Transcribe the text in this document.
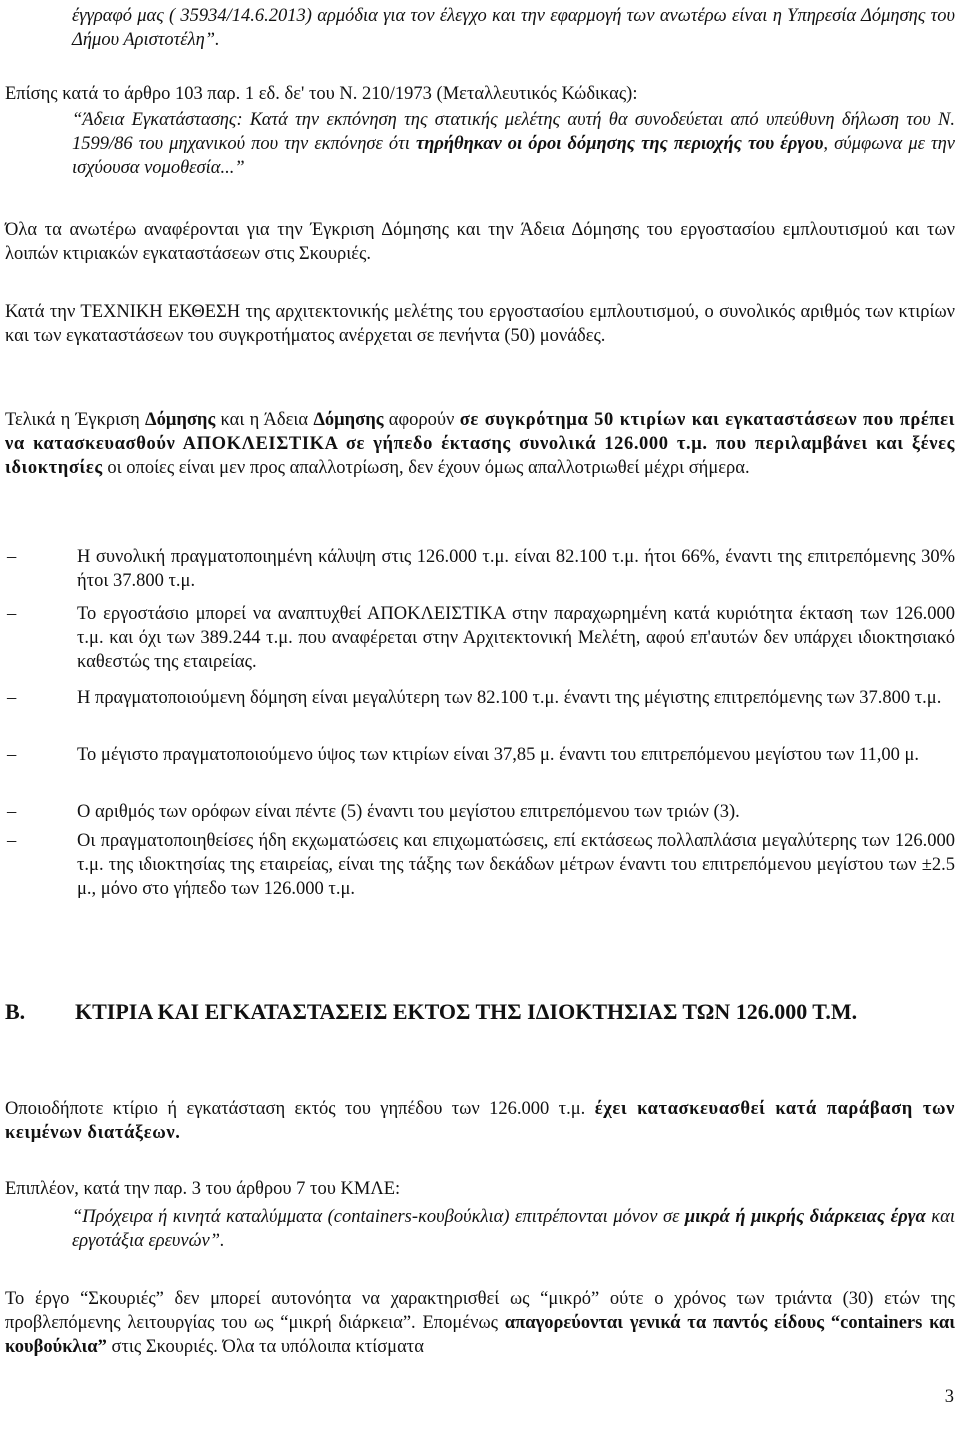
έγγραφό μας ( 35934/14.6.2013) αρμόδια για τον έλεγχο και την εφαρμογή των ανωτέρω είναι η Υπηρεσία Δόμησης του Δήμου Αριστοτέλη”.
Επίσης κατά το άρθρο 103 παρ. 1 εδ. δε' του Ν. 210/1973 (Μεταλλευτικός Κώδικας):
“Άδεια Εγκατάστασης: Κατά την εκπόνηση της στατικής μελέτης αυτή θα συνοδεύεται από υπεύθυνη δήλωση του Ν. 1599/86 του μηχανικού που την εκπόνησε ότι τηρήθηκαν οι όροι δόμησης της περιοχής του έργου, σύμφωνα με την ισχύουσα νομοθεσία...”
Όλα τα ανωτέρω αναφέρονται για την Έγκριση Δόμησης και την Άδεια Δόμησης του εργοστασίου εμπλουτισμού και των λοιπών κτιριακών εγκαταστάσεων στις Σκουριές.
Κατά την ΤΕΧΝΙΚΗ ΕΚΘΕΣΗ της αρχιτεκτονικής μελέτης του εργοστασίου εμπλουτισμού, ο συνολικός αριθμός των κτιρίων και των εγκαταστάσεων του συγκροτήματος ανέρχεται σε πενήντα (50) μονάδες.
Τελικά η Έγκριση Δόμησης και η Άδεια Δόμησης αφορούν σε συγκρότημα 50 κτιρίων και εγκαταστάσεων που πρέπει να κατασκευασθούν ΑΠΟΚΛΕΙΣΤΙΚΑ σε γήπεδο έκτασης συνολικά 126.000 τ.μ. που περιλαμβάνει και ξένες ιδιοκτησίες οι οποίες είναι μεν προς απαλλοτρίωση, δεν έχουν όμως απαλλοτριωθεί μέχρι σήμερα.
–	Η συνολική πραγματοποιημένη κάλυψη στις 126.000 τ.μ. είναι 82.100 τ.μ. ήτοι 66%, έναντι της επιτρεπόμενης 30% ήτοι 37.800 τ.μ.
–	Το εργοστάσιο μπορεί να αναπτυχθεί ΑΠΟΚΛΕΙΣΤΙΚΑ στην παραχωρημένη κατά κυριότητα έκταση των 126.000 τ.μ. και όχι των 389.244 τ.μ. που αναφέρεται στην Αρχιτεκτονική Μελέτη, αφού επ'αυτών δεν υπάρχει ιδιοκτησιακό καθεστώς της εταιρείας.
–	Η πραγματοποιούμενη δόμηση είναι μεγαλύτερη των 82.100 τ.μ. έναντι της μέγιστης επιτρεπόμενης των 37.800 τ.μ.
–	Το μέγιστο πραγματοποιούμενο ύψος των κτιρίων είναι 37,85 μ. έναντι του επιτρεπόμενου μεγίστου των 11,00 μ.
–	Ο αριθμός των ορόφων είναι πέντε (5) έναντι του μεγίστου επιτρεπόμενου των τριών (3).
–	Οι πραγματοποιηθείσες ήδη εκχωματώσεις και επιχωματώσεις, επί εκτάσεως πολλαπλάσια μεγαλύτερης των 126.000 τ.μ. της ιδιοκτησίας της εταιρείας, είναι της τάξης των δεκάδων μέτρων έναντι του επιτρεπόμενου μεγίστου των ±2.5 μ., μόνο στο γήπεδο των 126.000 τ.μ.
Β. ΚΤΙΡΙΑ ΚΑΙ ΕΓΚΑΤΑΣΤΑΣΕΙΣ ΕΚΤΟΣ ΤΗΣ ΙΔΙΟΚΤΗΣΙΑΣ ΤΩΝ 126.000 Τ.Μ.
Οποιοδήποτε κτίριο ή εγκατάσταση εκτός του γηπέδου των 126.000 τ.μ. έχει κατασκευασθεί κατά παράβαση των κειμένων διατάξεων.
Επιπλέον, κατά την παρ. 3 του άρθρου 7 του ΚΜΛΕ:
“Πρόχειρα ή κινητά καταλύμματα (containers-κουβούκλια) επιτρέπονται μόνον σε μικρά ή μικρής διάρκειας έργα και εργοτάξια ερευνών”.
Το έργο “Σκουριές” δεν μπορεί αυτονόητα να χαρακτηρισθεί ως “μικρό” ούτε ο χρόνος των τριάντα (30) ετών της προβλεπόμενης λειτουργίας του ως “μικρή διάρκεια”. Επομένως απαγορεύονται γενικά τα παντός είδους “containers και κουβούκλια” στις Σκουριές. Όλα τα υπόλοιπα κτίσματα
3
